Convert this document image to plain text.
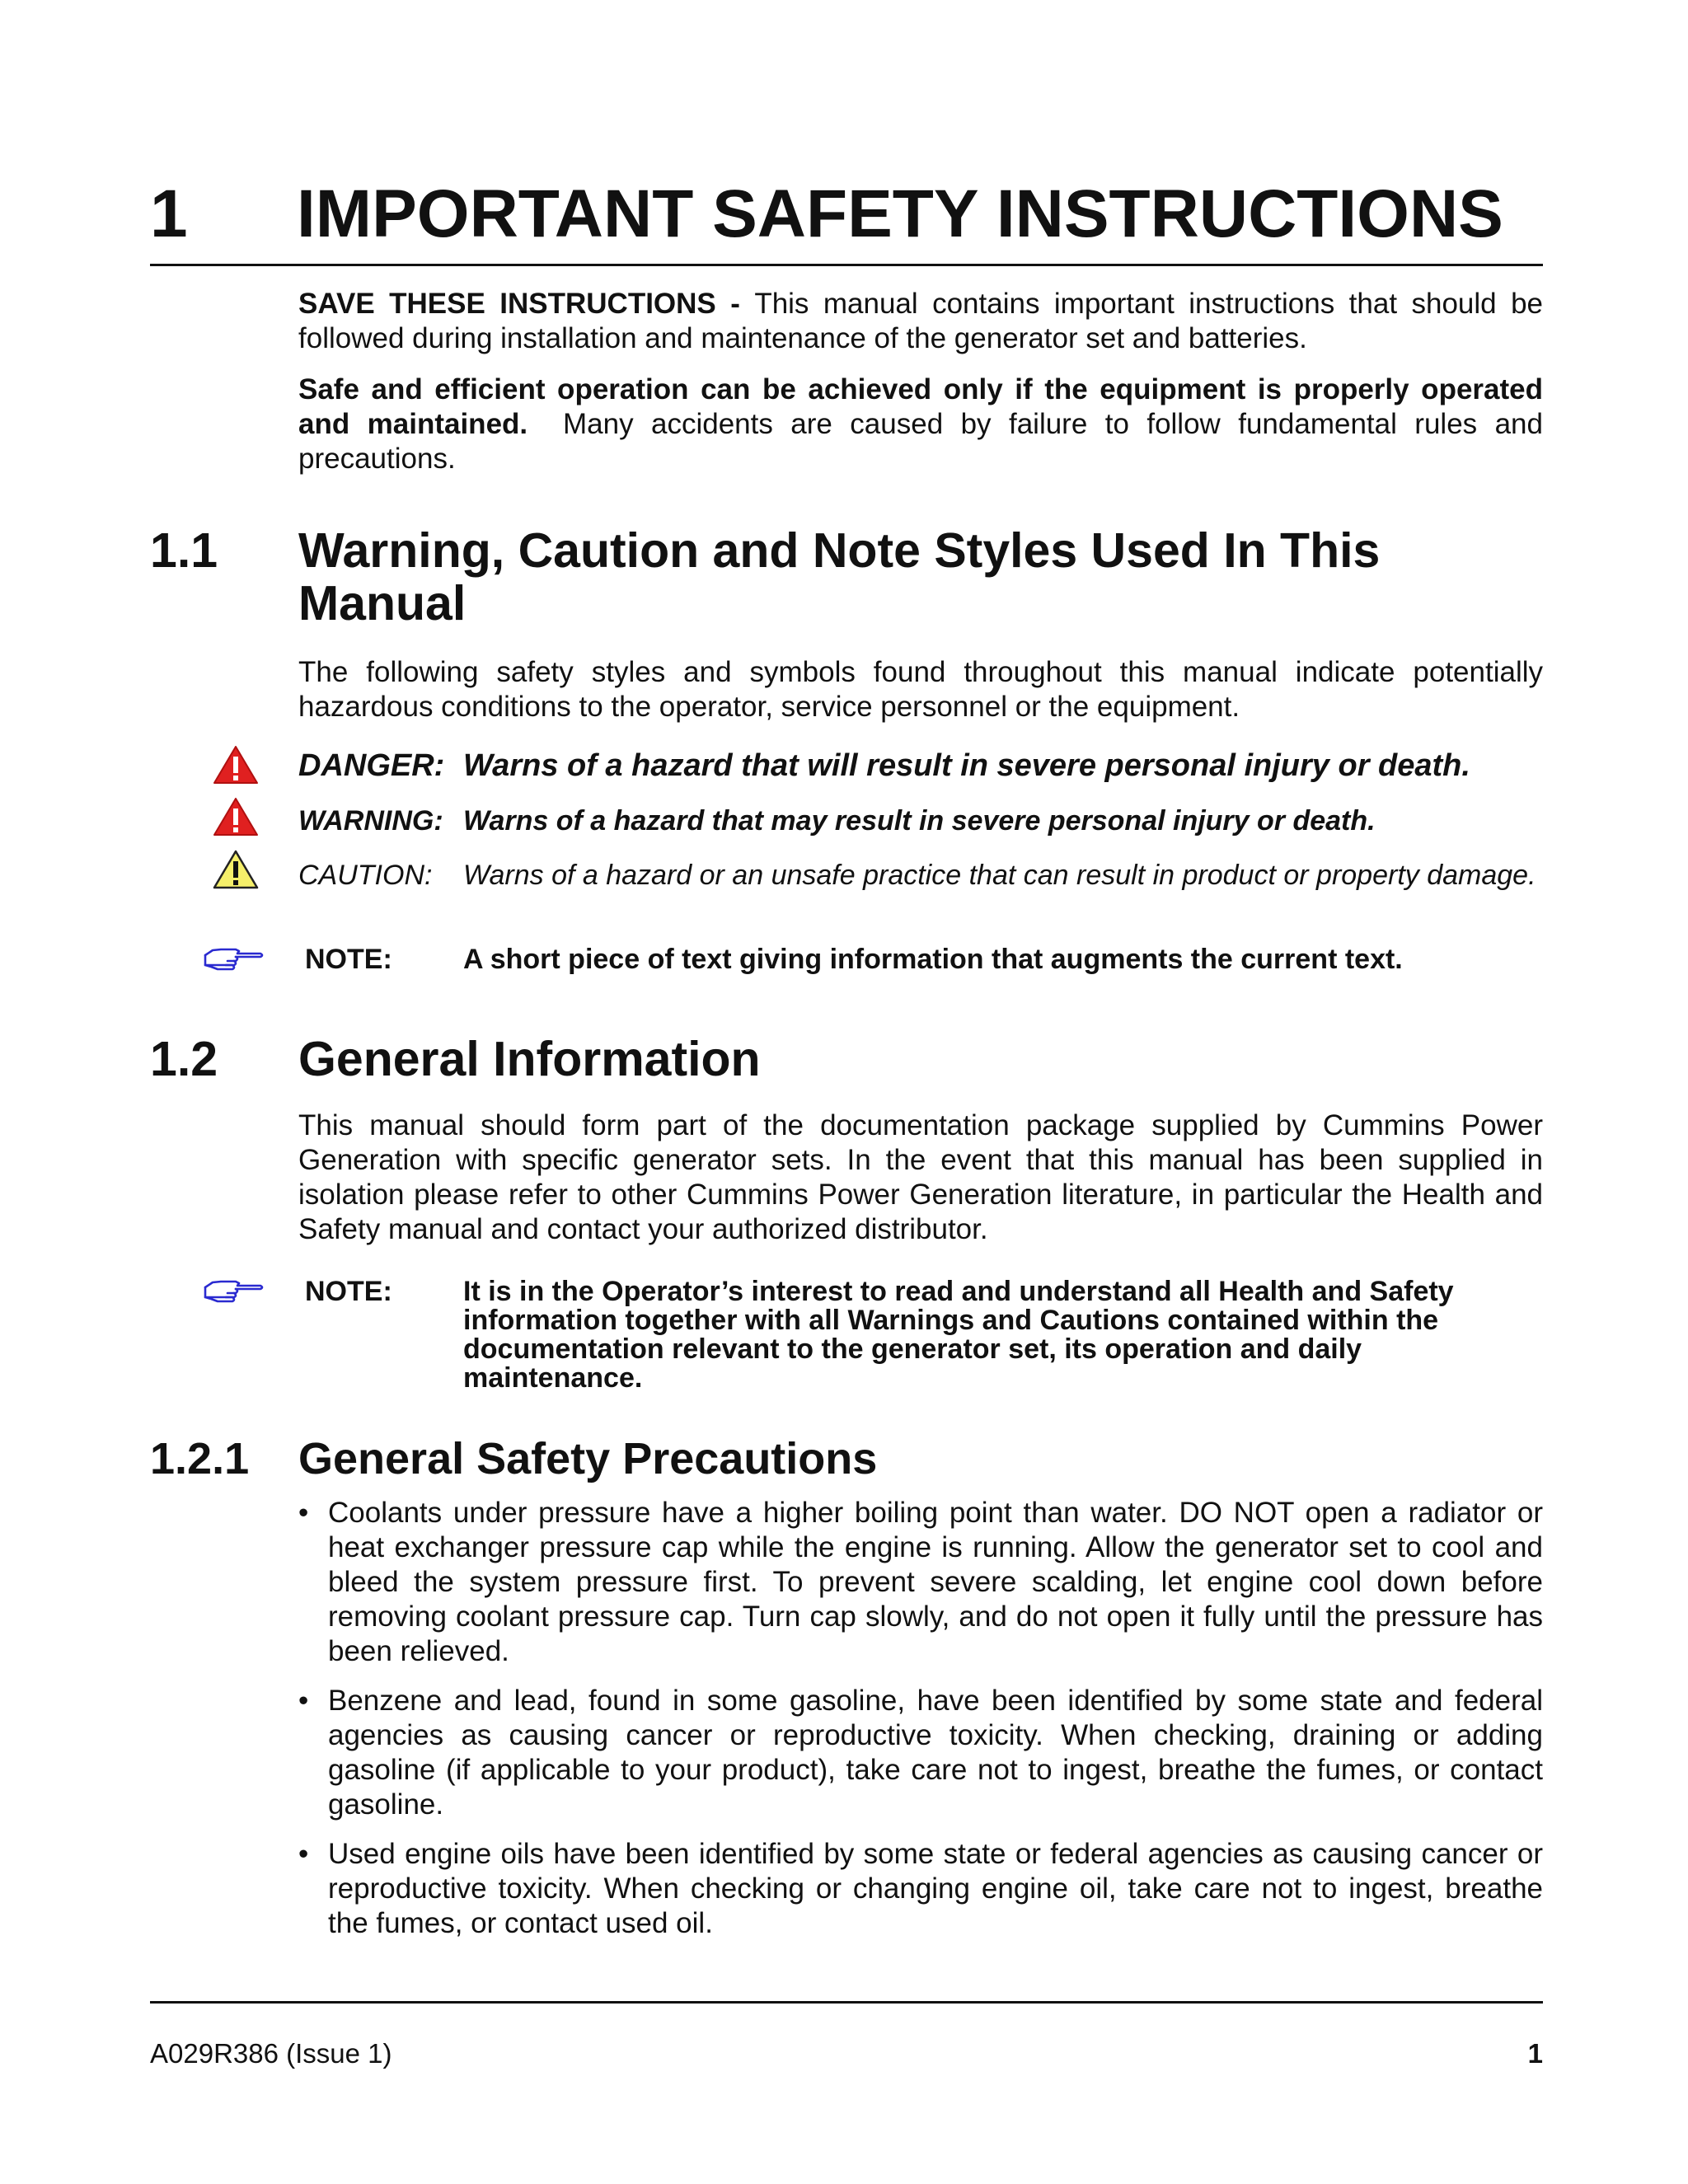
1 IMPORTANT SAFETY INSTRUCTIONS
SAVE THESE INSTRUCTIONS - This manual contains important instructions that should be followed during installation and maintenance of the generator set and batteries.
Safe and efficient operation can be achieved only if the equipment is properly operated and maintained.  Many accidents are caused by failure to follow fundamental rules and precautions.
1.1 Warning, Caution and Note Styles Used In This Manual
The following safety styles and symbols found throughout this manual indicate potentially hazardous conditions to the operator, service personnel or the equipment.
DANGER: Warns of a hazard that will result in severe personal injury or death.
WARNING: Warns of a hazard that may result in severe personal injury or death.
CAUTION: Warns of a hazard or an unsafe practice that can result in product or property damage.
NOTE:	A short piece of text giving information that augments the current text.
1.2 General Information
This manual should form part of the documentation package supplied by Cummins Power Generation with specific generator sets. In the event that this manual has been supplied in isolation please refer to other Cummins Power Generation literature, in particular the Health and Safety manual and contact your authorized distributor.
NOTE:	It is in the Operator’s interest to read and understand all Health and Safety information together with all Warnings and Cautions contained within the documentation relevant to the generator set, its operation and daily maintenance.
1.2.1 General Safety Precautions
• Coolants under pressure have a higher boiling point than water. DO NOT open a radiator or heat exchanger pressure cap while the engine is running. Allow the generator set to cool and bleed the system pressure first. To prevent severe scalding, let engine cool down before removing coolant pressure cap. Turn cap slowly, and do not open it fully until the pressure has been relieved.
• Benzene and lead, found in some gasoline, have been identified by some state and federal agencies as causing cancer or reproductive toxicity. When checking, draining or adding gasoline (if applicable to your product), take care not to ingest, breathe the fumes, or contact gasoline.
• Used engine oils have been identified by some state or federal agencies as causing cancer or reproductive toxicity. When checking or changing engine oil, take care not to ingest, breathe the fumes, or contact used oil.
A029R386 (Issue 1)	1
